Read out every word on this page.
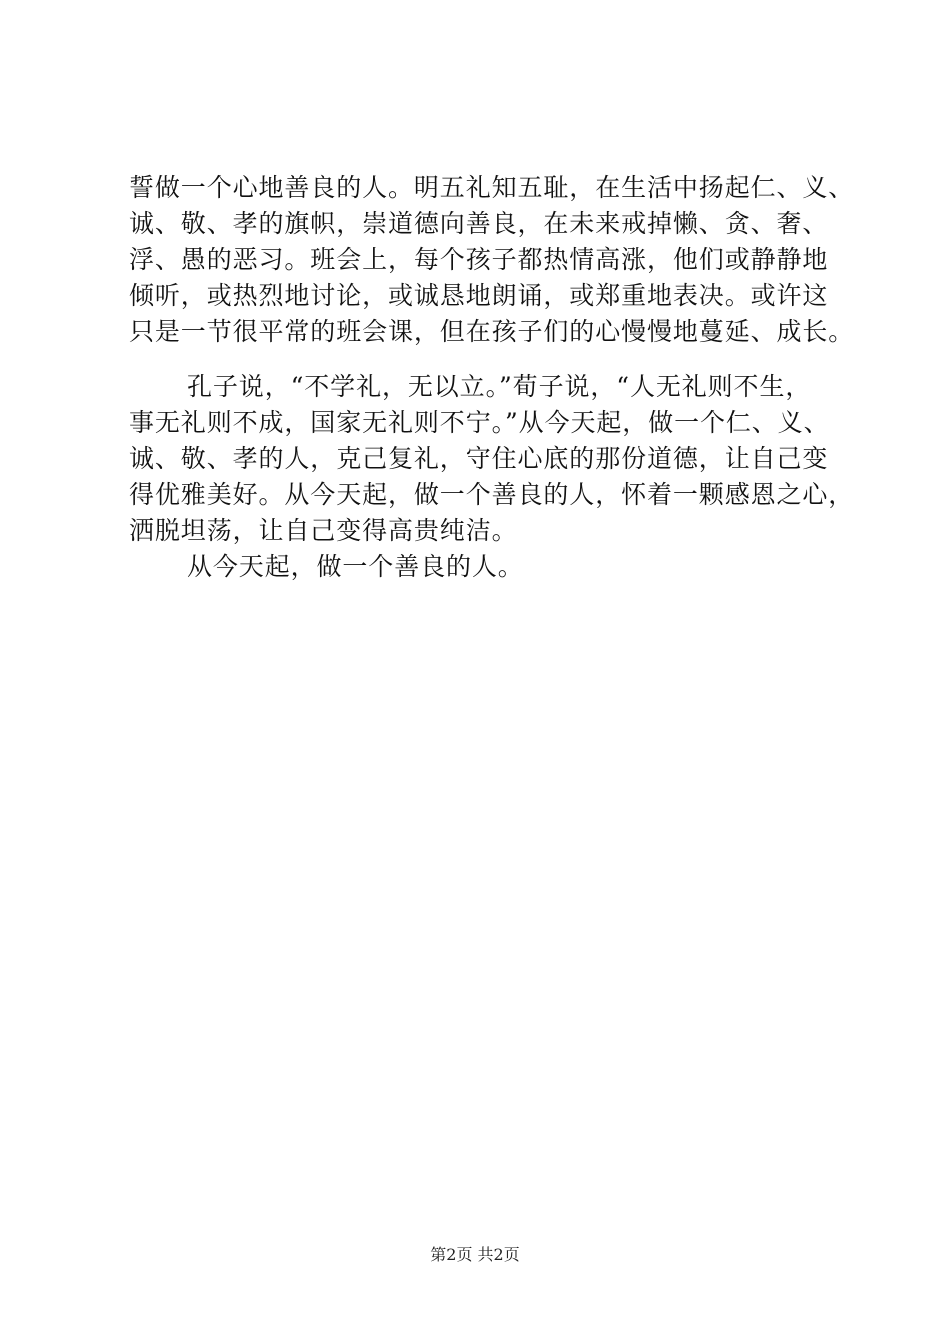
誓做一个心地善良的人。明五礼知五耻，在生活中扬起仁、义、
诚、敬、孝的旗帜，崇道德向善良，在未来戒掉懒、贪、奢、
浮、愚的恶习。班会上，每个孩子都热情高涨，他们或静静地
倾听，或热烈地讨论，或诚恳地朗诵，或郑重地表决。或许这
只是一节很平常的班会课，但在孩子们的心慢慢地蔓延、成长。
孔子说，“不学礼，无以立。”荀子说，“人无礼则不生，
事无礼则不成，国家无礼则不宁。”从今天起，做一个仁、义、
诚、敬、孝的人，克己复礼，守住心底的那份道德，让自己变
得优雅美好。从今天起，做一个善良的人，怀着一颗感恩之心，
洒脱坦荡，让自己变得高贵纯洁。
从今天起，做一个善良的人。
第2页 共2页
